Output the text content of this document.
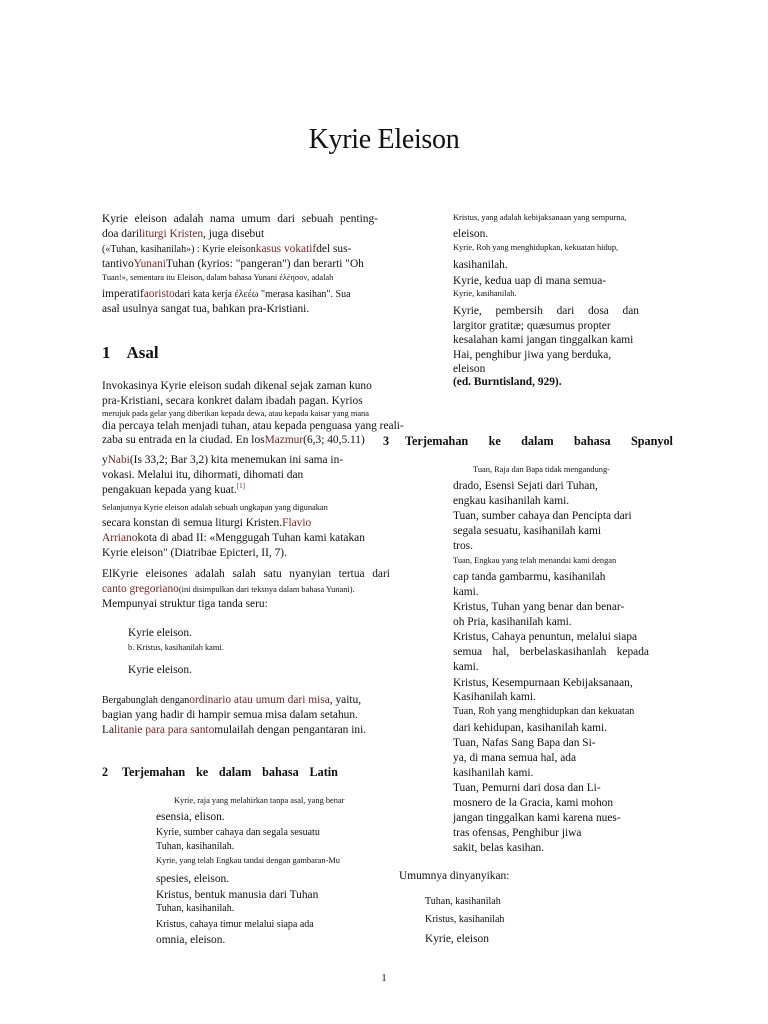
Kyrie Eleison
Kyrie eleison adalah nama umum dari sebuah penting-
doa dariliturgi Kristen, juga disebut
(«Tuhan, kasihanilah») : Kyrie eleisonkasus vokatifdel sus-
tantivoYunaniTuhan (kyrios: "pangeran") dan berarti "Oh
Tuan!», sementara itu Eleison, dalam bahasa Yunani ἐλέησον, adalah
imperatifaoristodari kata kerja ἐλεέω "merasa kasihan". Sua
asal usulnya sangat tua, bahkan pra-Kristiani.
1 Asal
Invokasinya Kyrie eleison sudah dikenal sejak zaman kuno
pra-Kristiani, secara konkret dalam ibadah pagan. Kyrios
merujuk pada gelar yang diberikan kepada dewa, atau kepada kaisar yang mana
dia percaya telah menjadi tuhan, atau kepada penguasa yang reali-
zaba su entrada en la ciudad. En losMazmur(6,3; 40,5.11)
yNabi(Is 33,2; Bar 3,2) kita menemukan ini sama in-
vokasi. Melalui itu, dihormati, dihomati dan
pengakuan kepada yang kuat.[1]
Selanjutnya Kyrie eleison adalah sebuah ungkapan yang digunakan
secara konstan di semua liturgi Kristen.Flavio
Arrianokota di abad II: «Menggugah Tuhan kami katakan
Kyrie eleison" (Diatribae Epicteri, II, 7).
ElKyrie eleisones adalah salah satu nyanyian tertua dari
canto gregoriano(ini disimpulkan dari teksnya dalam bahasa Yunani).
Mempunyai struktur tiga tanda seru:
Kyrie eleison.
b. Kristus, kasihanilah kami.
Kyrie eleison.
Bergabunglah denganordinario atau umum dari misa, yaitu,
bagian yang hadir di hampir semua misa dalam setahun.
Lalitanie para para santomulailah dengan pengantaran ini.
2 Terjemahan ke dalam bahasa Latin
Kyrie, raja yang melahirkan tanpa asal, yang benar
esensia, elison.
Kyrie, sumber cahaya dan segala sesuatu
Tuhan, kasihanilah.
Kyrie, yang telah Engkau tandai dengan gambaran-Mu
spesies, eleison.
Kristus, bentuk manusia dari Tuhan
Tuhan, kasihanilah.
Kristus, cahaya timur melalui siapa ada
omnia, eleison.
Kristus, yang adalah kebijaksanaan yang sempurna,
eleison.
Kyrie, Roh yang menghidupkan, kekuatan hidup,
kasihanilah.
Kyrie, kedua uap di mana semua-
Kyrie, kasihanilah.
Kyrie, pembersih dari dosa dan
largitor gratitæ; quæsumus propter
kesalahan kami jangan tinggalkan kami
Hai, penghibur jiwa yang berduka,
eleison
(ed. Burntisland, 929).
Terjemahan ke dalam bahasa Spanyol
3
Tuan, Raja dan Bapa tidak mengandung-
drado, Esensi Sejati dari Tuhan,
engkau kasihanilah kami.
Tuan, sumber cahaya dan Pencipta dari
segala sesuatu, kasihanilah kami
tros.
Tuan, Engkau yang telah menandai kami dengan
cap tanda gambarmu, kasihanilah
kami.
Kristus, Tuhan yang benar dan benar-
oh Pria, kasihanilah kami.
Kristus, Cahaya penuntun, melalui siapa
semua hal, berbelaskasihanlah kepada
kami.
Kristus, Kesempurnaan Kebijaksanaan,
Kasihanilah kami.
Tuan, Roh yang menghidupkan dan kekuatan
dari kehidupan, kasihanilah kami.
Tuan, Nafas Sang Bapa dan Si-
ya, di mana semua hal, ada
kasihanilah kami.
Tuan, Pemurni dari dosa dan Li-
mosnero de la Gracia, kami mohon
jangan tinggalkan kami karena nues-
tras ofensas, Penghibur jiwa
sakit, belas kasihan.
Umumnya dinyanyikan:
Tuhan, kasihanilah
Kristus, kasihanilah
Kyrie, eleison
1
